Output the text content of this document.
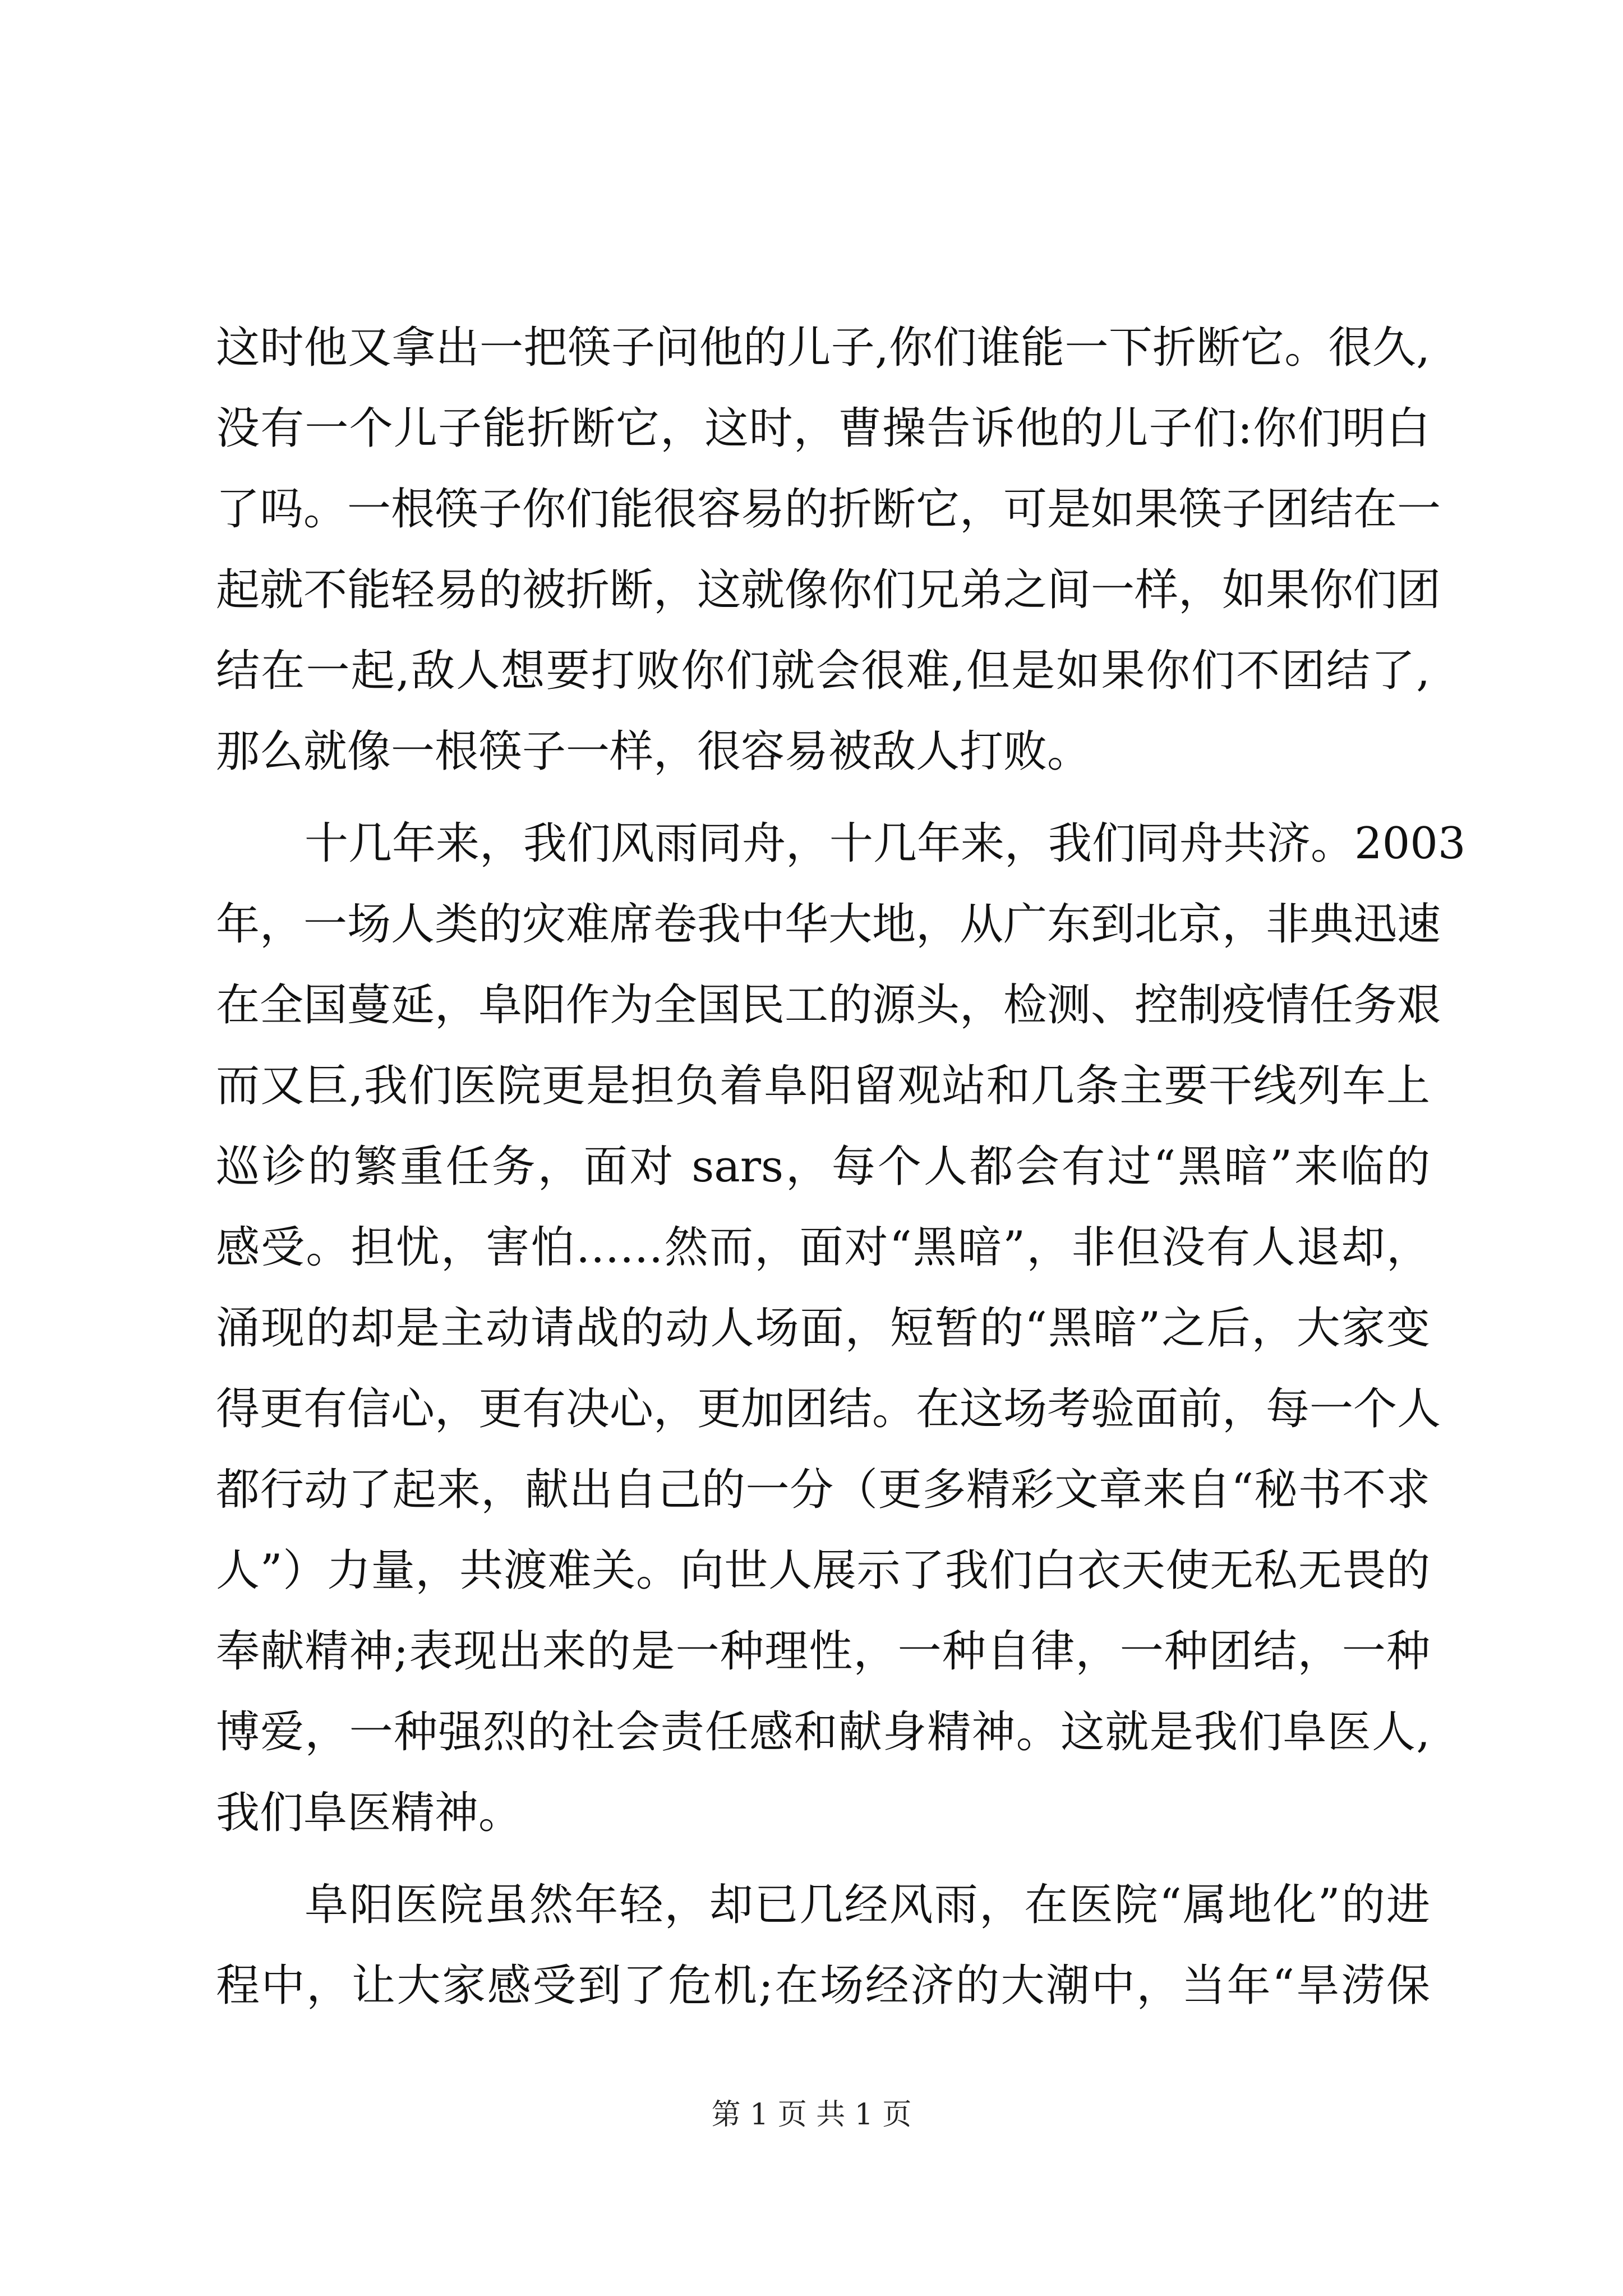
这时他又拿出一把筷子问他的儿子,你们谁能一下折断它。很久,
没有一个儿子能折断它，这时，曹操告诉他的儿子们:你们明白
了吗。一根筷子你们能很容易的折断它，可是如果筷子团结在一
起就不能轻易的被折断，这就像你们兄弟之间一样，如果你们团
结在一起,敌人想要打败你们就会很难,但是如果你们不团结了,
那么就像一根筷子一样，很容易被敌人打败。
十几年来，我们风雨同舟，十几年来，我们同舟共济。2003
年，一场人类的灾难席卷我中华大地，从广东到北京，非典迅速
在全国蔓延，阜阳作为全国民工的源头，检测、控制疫情任务艰
而又巨,我们医院更是担负着阜阳留观站和几条主要干线列车上
巡诊的繁重任务，面对 sars，每个人都会有过“黑暗”来临的
感受。担忧，害怕……然而，面对“黑暗”，非但没有人退却，
涌现的却是主动请战的动人场面，短暂的“黑暗”之后，大家变
得更有信心，更有决心，更加团结。在这场考验面前，每一个人
都行动了起来，献出自己的一分（更多精彩文章来自“秘书不求
人”）力量，共渡难关。向世人展示了我们白衣天使无私无畏的
奉献精神;表现出来的是一种理性，一种自律，一种团结，一种
博爱，一种强烈的社会责任感和献身精神。这就是我们阜医人,
我们阜医精神。
阜阳医院虽然年轻，却已几经风雨，在医院“属地化”的进
程中，让大家感受到了危机;在场经济的大潮中，当年“旱涝保
第 1 页 共 1 页
